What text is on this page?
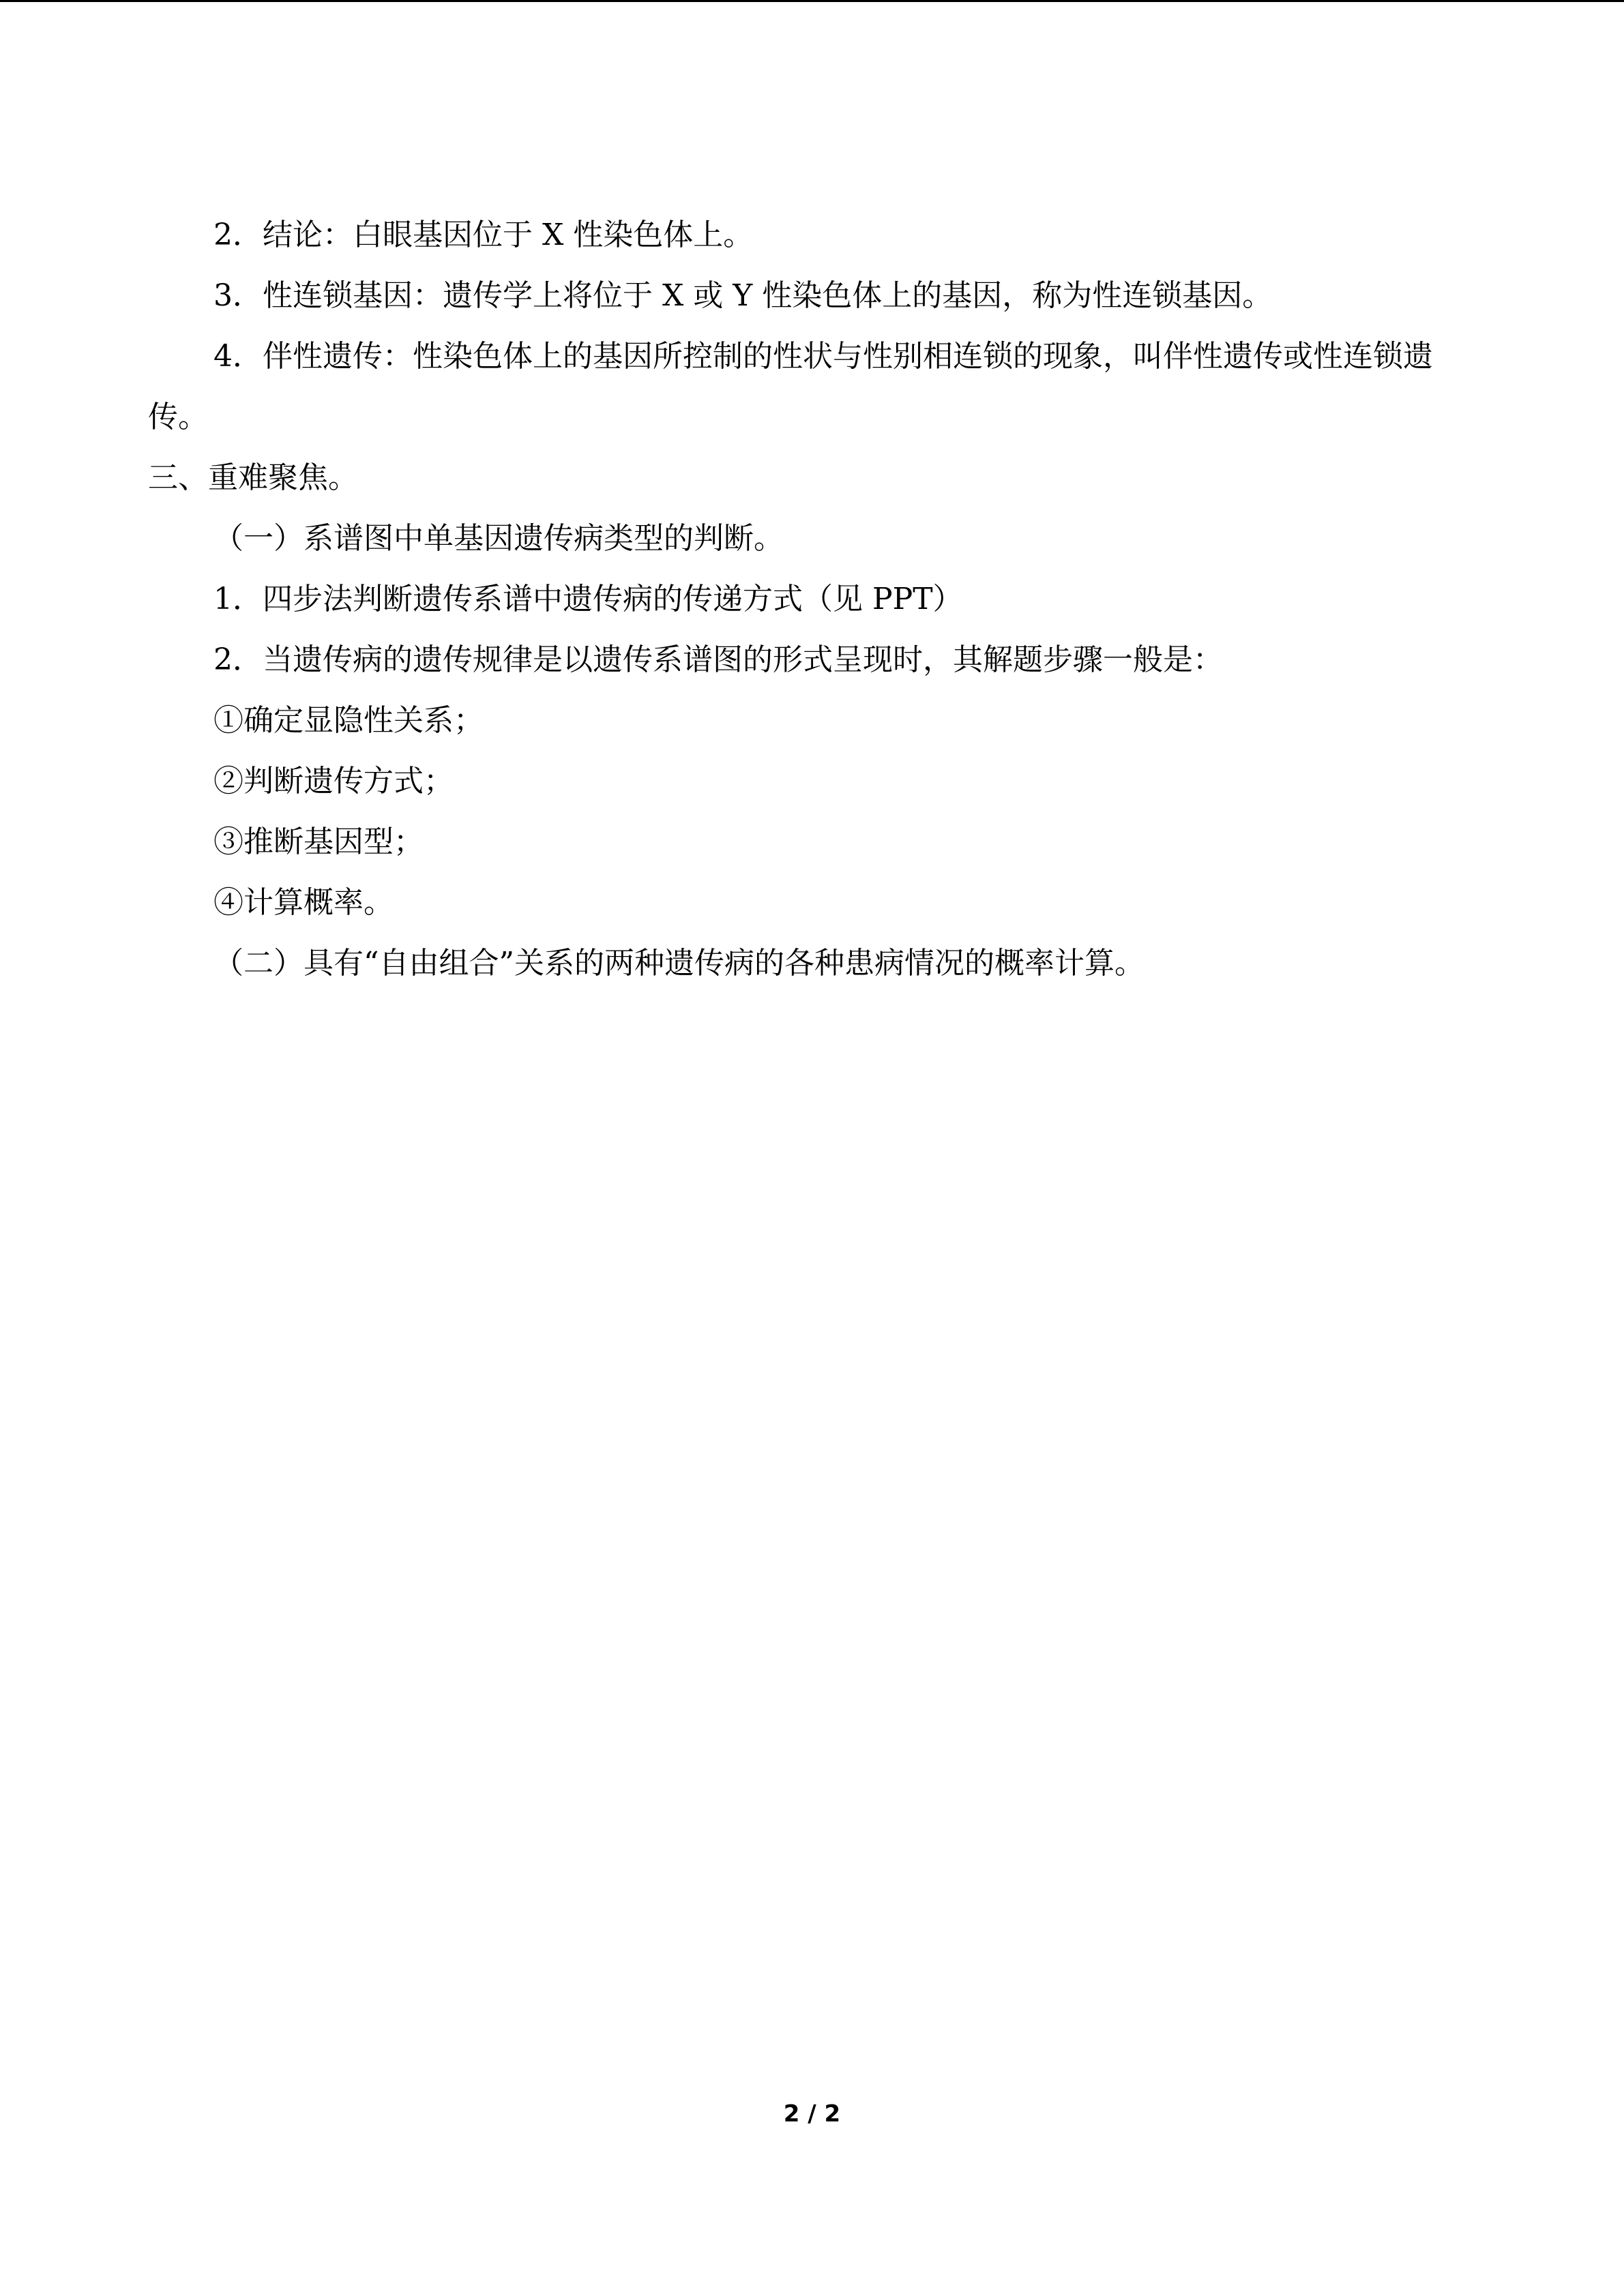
2．结论：白眼基因位于 X 性染色体上。

3．性连锁基因：遗传学上将位于 X 或 Y 性染色体上的基因，称为性连锁基因。

4．伴性遗传：性染色体上的基因所控制的性状与性别相连锁的现象，叫伴性遗传或性连锁遗传。

三、重难聚焦。

（一）系谱图中单基因遗传病类型的判断。

1．四步法判断遗传系谱中遗传病的传递方式（见 PPT）

2．当遗传病的遗传规律是以遗传系谱图的形式呈现时，其解题步骤一般是：

①确定显隐性关系；

②判断遗传方式；

③推断基因型；

④计算概率。

（二）具有“自由组合”关系的两种遗传病的各种患病情况的概率计算。

2 / 2
